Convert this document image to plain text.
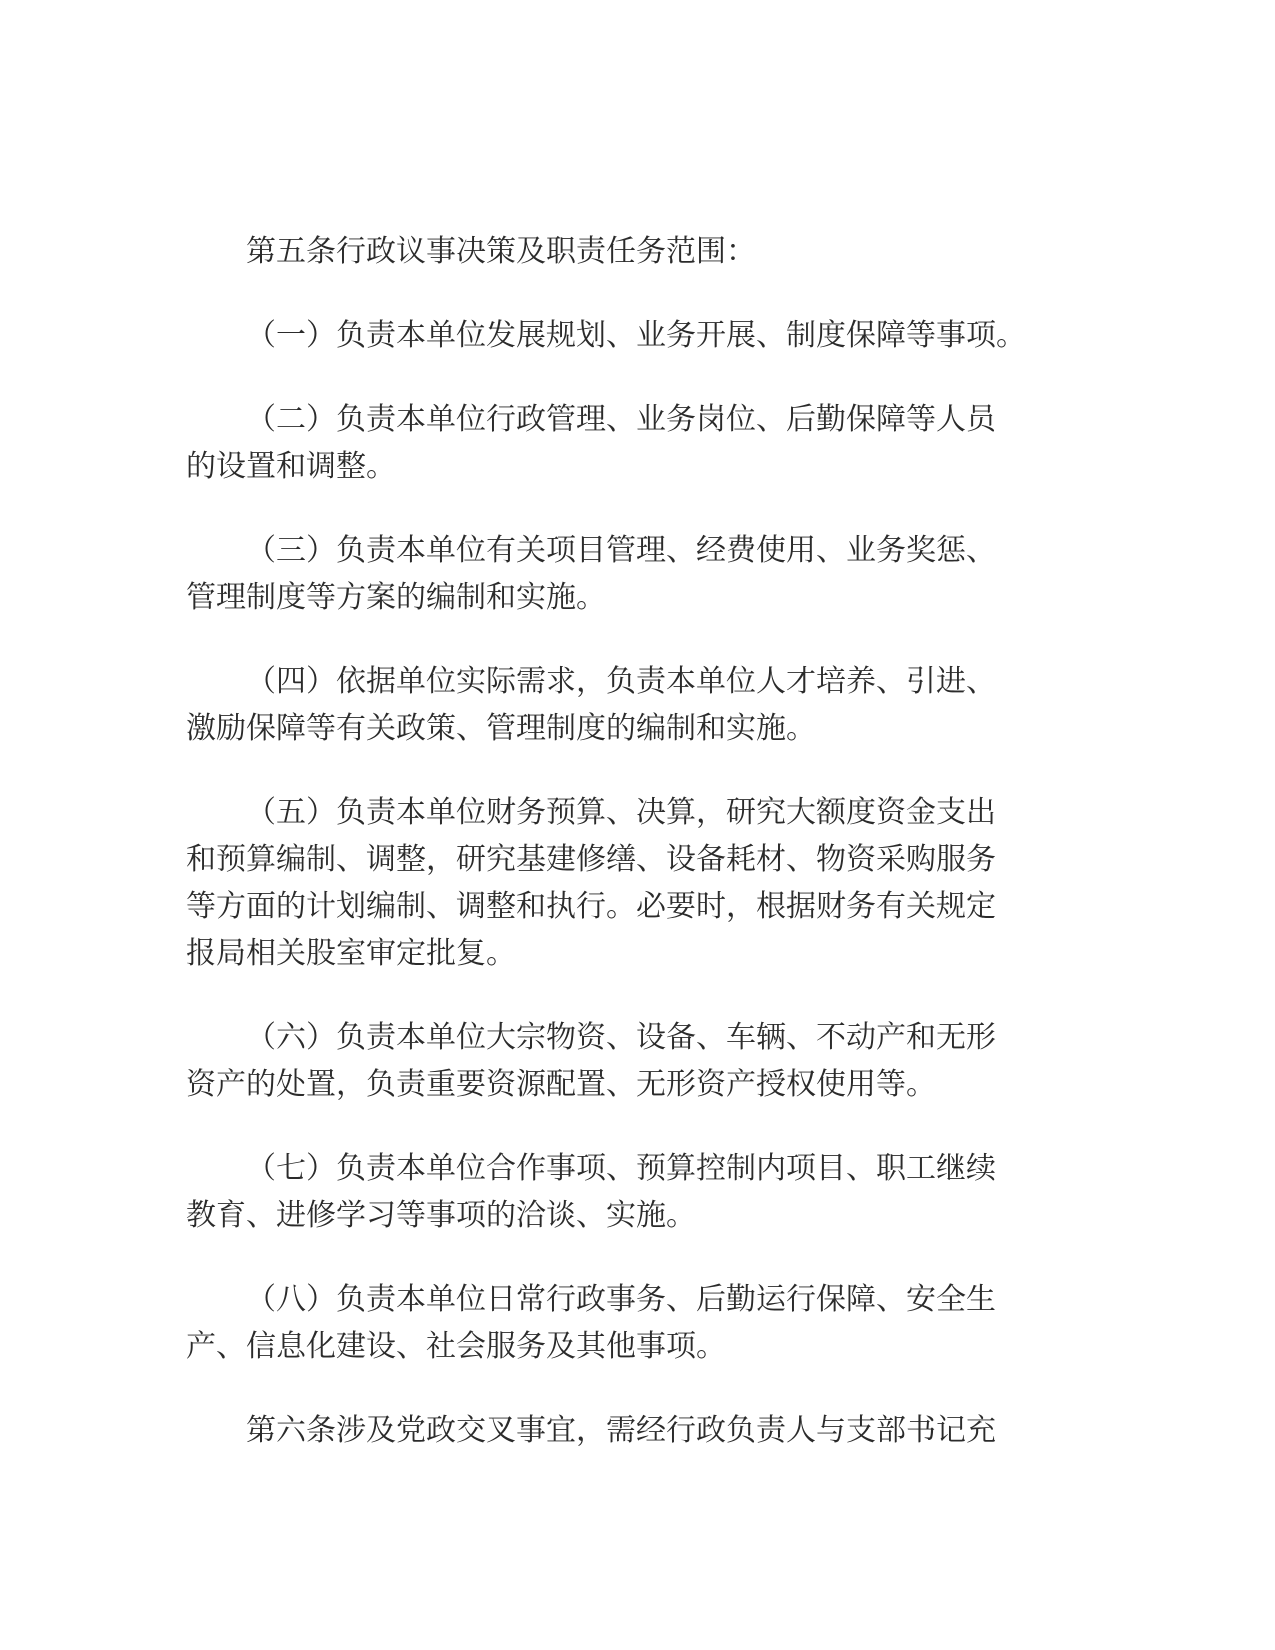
第五条行政议事决策及职责任务范围：

（一）负责本单位发展规划、业务开展、制度保障等事项。

（二）负责本单位行政管理、业务岗位、后勤保障等人员
的设置和调整。

（三）负责本单位有关项目管理、经费使用、业务奖惩、
管理制度等方案的编制和实施。

（四）依据单位实际需求，负责本单位人才培养、引进、
激励保障等有关政策、管理制度的编制和实施。

（五）负责本单位财务预算、决算，研究大额度资金支出
和预算编制、调整，研究基建修缮、设备耗材、物资采购服务
等方面的计划编制、调整和执行。必要时，根据财务有关规定
报局相关股室审定批复。

（六）负责本单位大宗物资、设备、车辆、不动产和无形
资产的处置，负责重要资源配置、无形资产授权使用等。

（七）负责本单位合作事项、预算控制内项目、职工继续
教育、进修学习等事项的洽谈、实施。

（八）负责本单位日常行政事务、后勤运行保障、安全生
产、信息化建设、社会服务及其他事项。

第六条涉及党政交叉事宜，需经行政负责人与支部书记充
